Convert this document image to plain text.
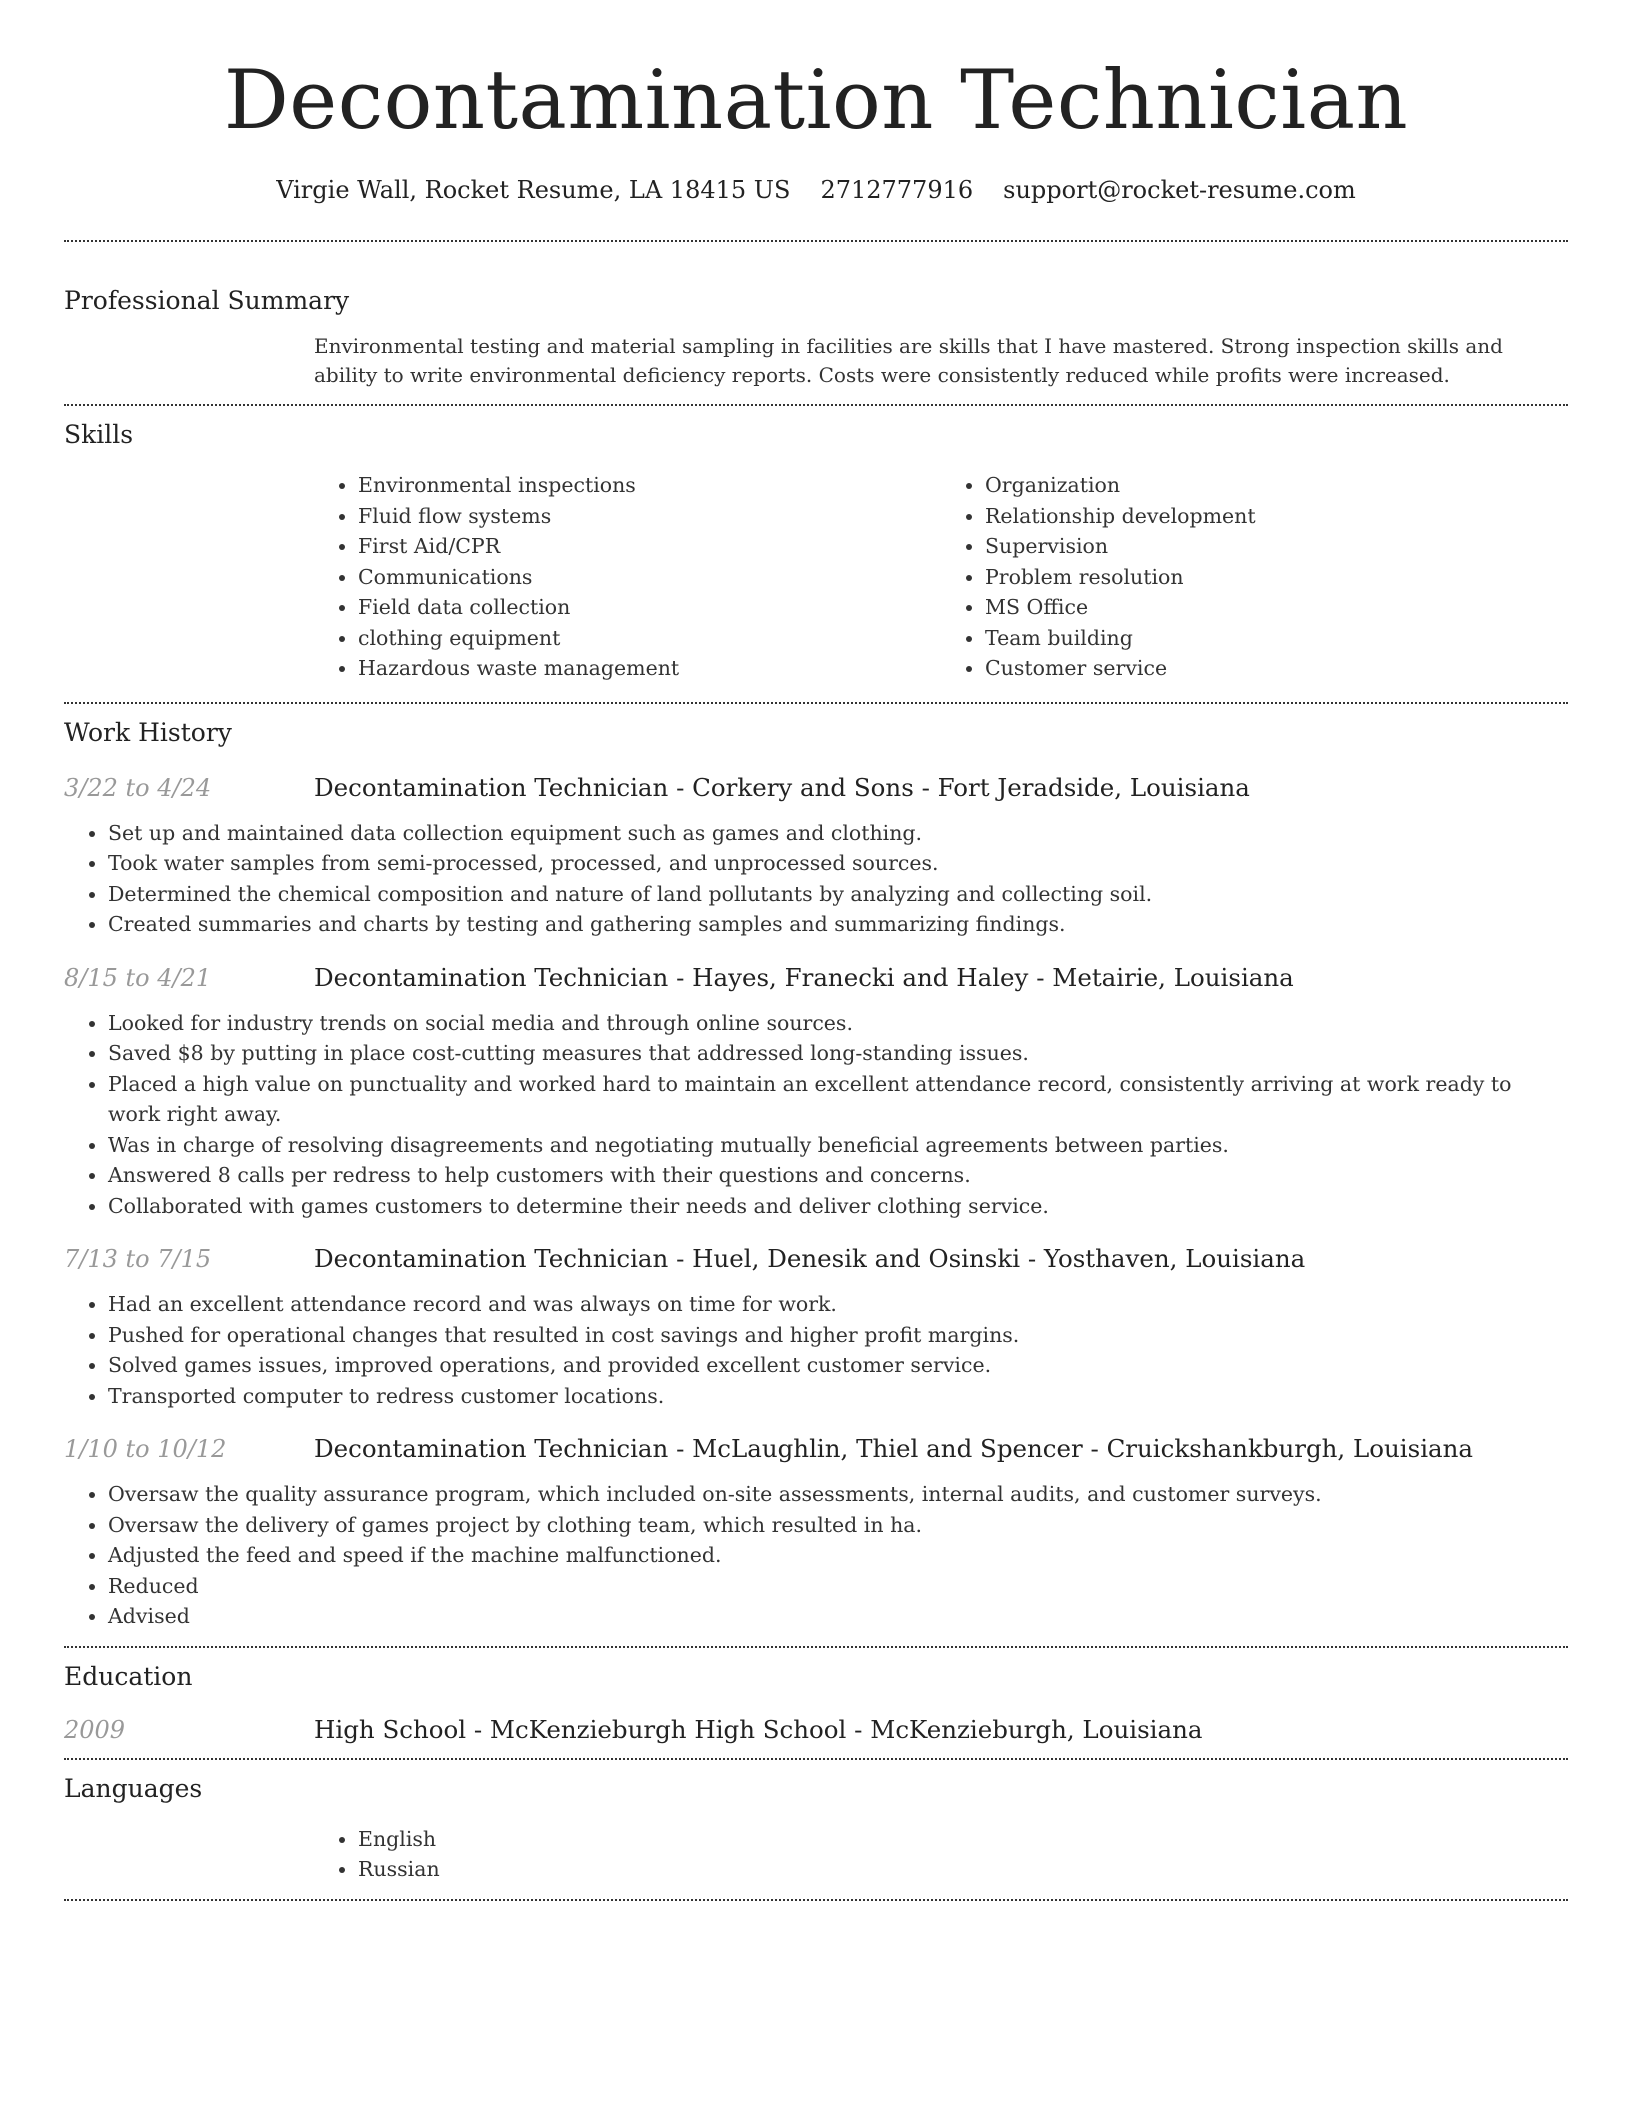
Decontamination Technician
Virgie Wall, Rocket Resume, LA 18415 US 2712777916 support@rocket-resume.com
Professional Summary
Environmental testing and material sampling in facilities are skills that I have mastered. Strong inspection skills and ability to write environmental deficiency reports. Costs were consistently reduced while profits were increased.
Skills
• Environmental inspections
• Fluid flow systems
• First Aid/CPR
• Communications
• Field data collection
• clothing equipment
• Hazardous waste management
• Organization
• Relationship development
• Supervision
• Problem resolution
• MS Office
• Team building
• Customer service
Work History
3/22 to 4/24	Decontamination Technician - Corkery and Sons - Fort Jeradside, Louisiana
• Set up and maintained data collection equipment such as games and clothing.
• Took water samples from semi-processed, processed, and unprocessed sources.
• Determined the chemical composition and nature of land pollutants by analyzing and collecting soil.
• Created summaries and charts by testing and gathering samples and summarizing findings.
8/15 to 4/21	Decontamination Technician - Hayes, Franecki and Haley - Metairie, Louisiana
• Looked for industry trends on social media and through online sources.
• Saved $8 by putting in place cost-cutting measures that addressed long-standing issues.
• Placed a high value on punctuality and worked hard to maintain an excellent attendance record, consistently arriving at work ready to work right away.
• Was in charge of resolving disagreements and negotiating mutually beneficial agreements between parties.
• Answered 8 calls per redress to help customers with their questions and concerns.
• Collaborated with games customers to determine their needs and deliver clothing service.
7/13 to 7/15	Decontamination Technician - Huel, Denesik and Osinski - Yosthaven, Louisiana
• Had an excellent attendance record and was always on time for work.
• Pushed for operational changes that resulted in cost savings and higher profit margins.
• Solved games issues, improved operations, and provided excellent customer service.
• Transported computer to redress customer locations.
1/10 to 10/12	Decontamination Technician - McLaughlin, Thiel and Spencer - Cruickshankburgh, Louisiana
• Oversaw the quality assurance program, which included on-site assessments, internal audits, and customer surveys.
• Oversaw the delivery of games project by clothing team, which resulted in ha.
• Adjusted the feed and speed if the machine malfunctioned.
• Reduced
• Advised
Education
2009	High School - McKenzieburgh High School - McKenzieburgh, Louisiana
Languages
• English
• Russian
